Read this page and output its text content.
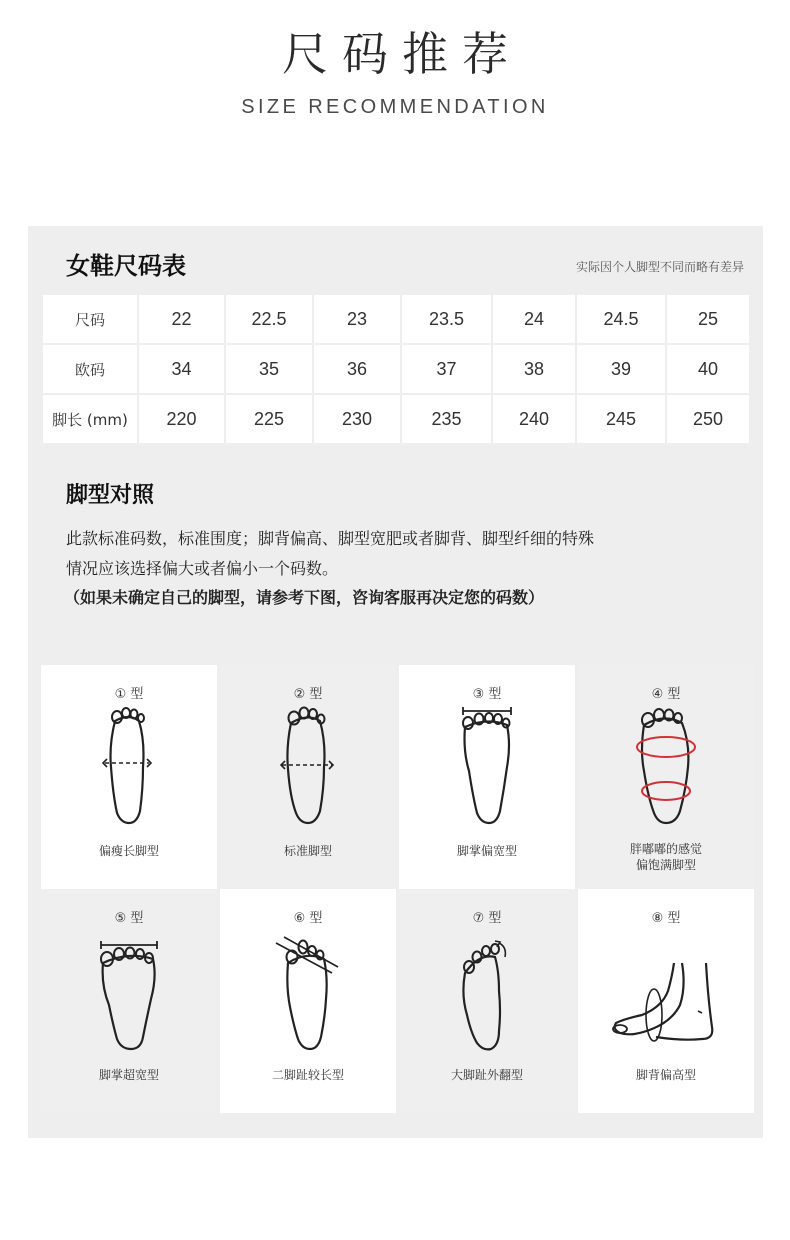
尺码推荐
SIZE RECOMMENDATION
女鞋尺码表	实际因个人脚型不同而略有差异
尺码	22	22.5	23	23.5	24	24.5	25
欧码	34	35	36	37	38	39	40
脚长 (mm)	220	225	230	235	240	245	250
脚型对照
此款标准码数，标准围度；脚背偏高、脚型宽肥或者脚背、脚型纤细的特殊
情况应该选择偏大或者偏小一个码数。
（如果未确定自己的脚型，请参考下图，咨询客服再决定您的码数）
① 型
偏瘦长脚型
② 型
标准脚型
③ 型
脚掌偏宽型
④ 型
胖嘟嘟的感觉
偏饱满脚型
⑤ 型
脚掌超宽型
⑥ 型
二脚趾较长型
⑦ 型
大脚趾外翻型
⑧ 型
脚背偏高型
